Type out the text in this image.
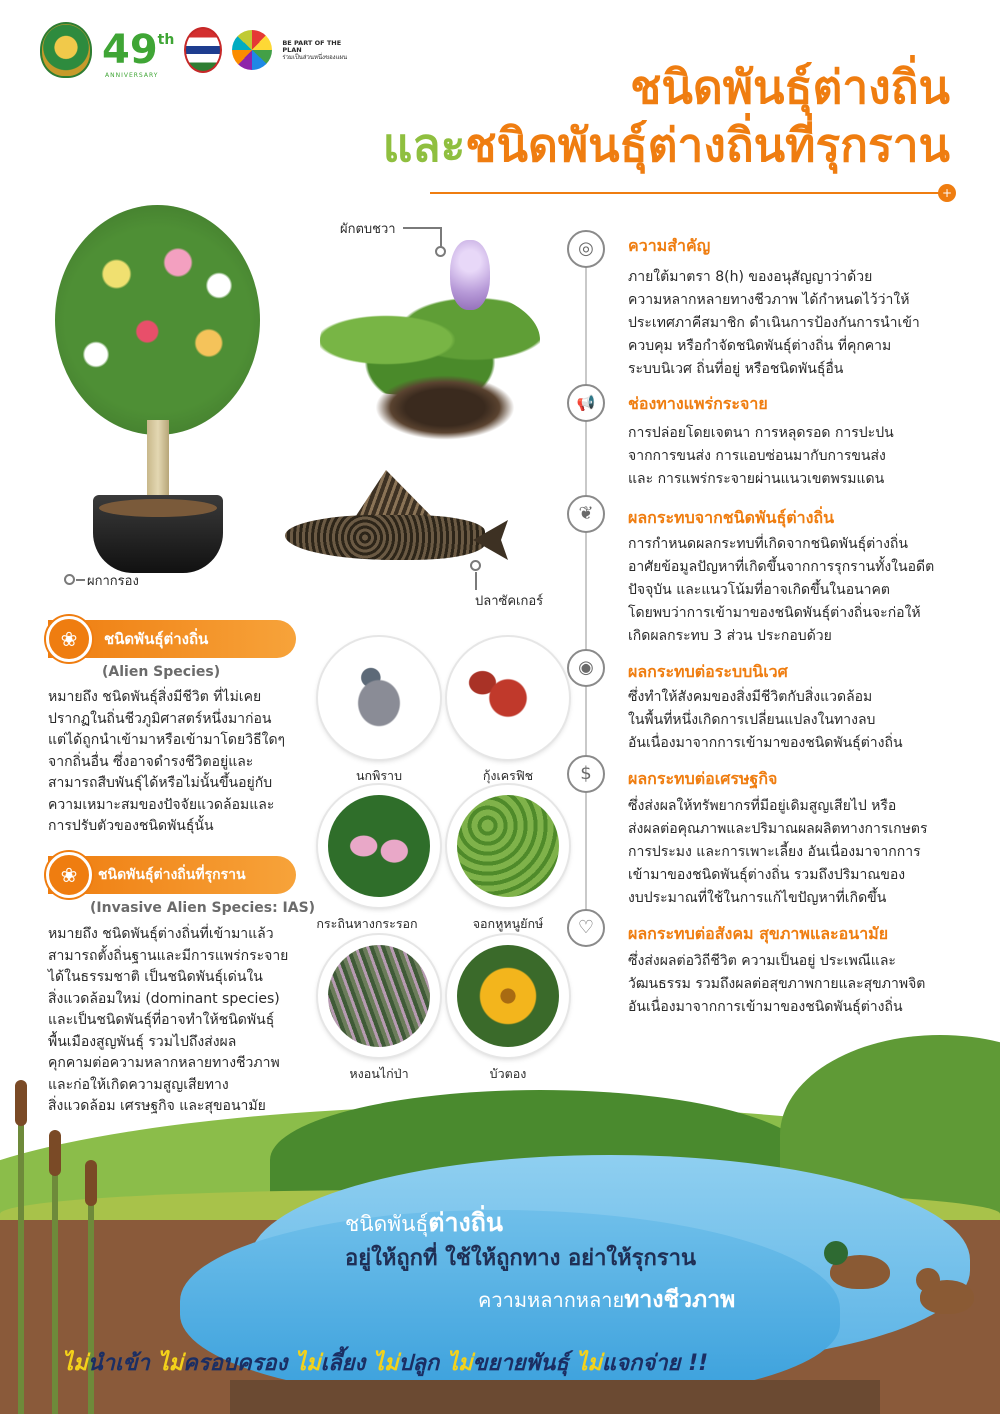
49 th
ANNIVERSARY
BE PART OF THE PLAN
ร่วมเป็นส่วนหนึ่งของแผน
ชนิดพันธุ์ต่างถิ่น
และชนิดพันธุ์ต่างถิ่นที่รุกราน
+
ผกากรอง
ผักตบชวา
ปลาซัคเกอร์
❀	ชนิดพันธุ์ต่างถิ่น
(Alien Species)
หมายถึง ชนิดพันธุ์สิ่งมีชีวิต ที่ไม่เคย
ปรากฏในถิ่นชีวภูมิศาสตร์หนึ่งมาก่อน
แต่ได้ถูกนำเข้ามาหรือเข้ามาโดยวิธีใดๆ
จากถิ่นอื่น ซึ่งอาจดำรงชีวิตอยู่และ
สามารถสืบพันธุ์ได้หรือไม่นั้นขึ้นอยู่กับ
ความเหมาะสมของปัจจัยแวดล้อมและ
การปรับตัวของชนิดพันธุ์นั้น
❀	ชนิดพันธุ์ต่างถิ่นที่รุกราน
(Invasive Alien Species: IAS)
หมายถึง ชนิดพันธุ์ต่างถิ่นที่เข้ามาแล้ว
สามารถตั้งถิ่นฐานและมีการแพร่กระจาย
ได้ในธรรมชาติ เป็นชนิดพันธุ์เด่นใน
สิ่งแวดล้อมใหม่ (dominant species)
และเป็นชนิดพันธุ์ที่อาจทำให้ชนิดพันธุ์
พื้นเมืองสูญพันธุ์ รวมไปถึงส่งผล
คุกคามต่อความหลากหลายทางชีวภาพ
และก่อให้เกิดความสูญเสียทาง
สิ่งแวดล้อม เศรษฐกิจ และสุขอนามัย
นกพิราบ	กุ้งเครฟิช
กระถินหางกระรอก	จอกหูหนูยักษ์
หงอนไก่ป่า	บัวตอง
◎	ความสำคัญ
ภายใต้มาตรา 8(h) ของอนุสัญญาว่าด้วย
ความหลากหลายทางชีวภาพ ได้กำหนดไว้ว่าให้
ประเทศภาคีสมาชิก ดำเนินการป้องกันการนำเข้า
ควบคุม หรือกำจัดชนิดพันธุ์ต่างถิ่น ที่คุกคาม
ระบบนิเวศ ถิ่นที่อยู่ หรือชนิดพันธุ์อื่น
📢	ช่องทางแพร่กระจาย
การปล่อยโดยเจตนา การหลุดรอด การปะปน
จากการขนส่ง การแอบซ่อนมากับการขนส่ง
และ การแพร่กระจายผ่านแนวเขตพรมแดน
❦	ผลกระทบจากชนิดพันธุ์ต่างถิ่น
การกำหนดผลกระทบที่เกิดจากชนิดพันธุ์ต่างถิ่น
อาศัยข้อมูลปัญหาที่เกิดขึ้นจากการรุกรานทั้งในอดีต
ปัจจุบัน และแนวโน้มที่อาจเกิดขึ้นในอนาคต
โดยพบว่าการเข้ามาของชนิดพันธุ์ต่างถิ่นจะก่อให้
เกิดผลกระทบ 3 ส่วน ประกอบด้วย
◉	ผลกระทบต่อระบบนิเวศ
ซึ่งทำให้สังคมของสิ่งมีชีวิตกับสิ่งแวดล้อม
ในพื้นที่หนึ่งเกิดการเปลี่ยนแปลงในทางลบ
อันเนื่องมาจากการเข้ามาของชนิดพันธุ์ต่างถิ่น
$	ผลกระทบต่อเศรษฐกิจ
ซึ่งส่งผลให้ทรัพยากรที่มีอยู่เดิมสูญเสียไป หรือ
ส่งผลต่อคุณภาพและปริมาณผลผลิตทางการเกษตร
การประมง และการเพาะเลี้ยง อันเนื่องมาจากการ
เข้ามาของชนิดพันธุ์ต่างถิ่น รวมถึงปริมาณของ
งบประมาณที่ใช้ในการแก้ไขปัญหาที่เกิดขึ้น
♡	ผลกระทบต่อสังคม สุขภาพและอนามัย
ซึ่งส่งผลต่อวิถีชีวิต ความเป็นอยู่ ประเพณีและ
วัฒนธรรม รวมถึงผลต่อสุขภาพกายและสุขภาพจิต
อันเนื่องมาจากการเข้ามาของชนิดพันธุ์ต่างถิ่น
ชนิดพันธุ์ต่างถิ่น
อยู่ให้ถูกที่ ใช้ให้ถูกทาง อย่าให้รุกราน
ความหลากหลายทางชีวภาพ
ไม่นำเข้า ไม่ครอบครอง ไม่เลี้ยง ไม่ปลูก ไม่ขยายพันธุ์ ไม่แจกจ่าย !!
